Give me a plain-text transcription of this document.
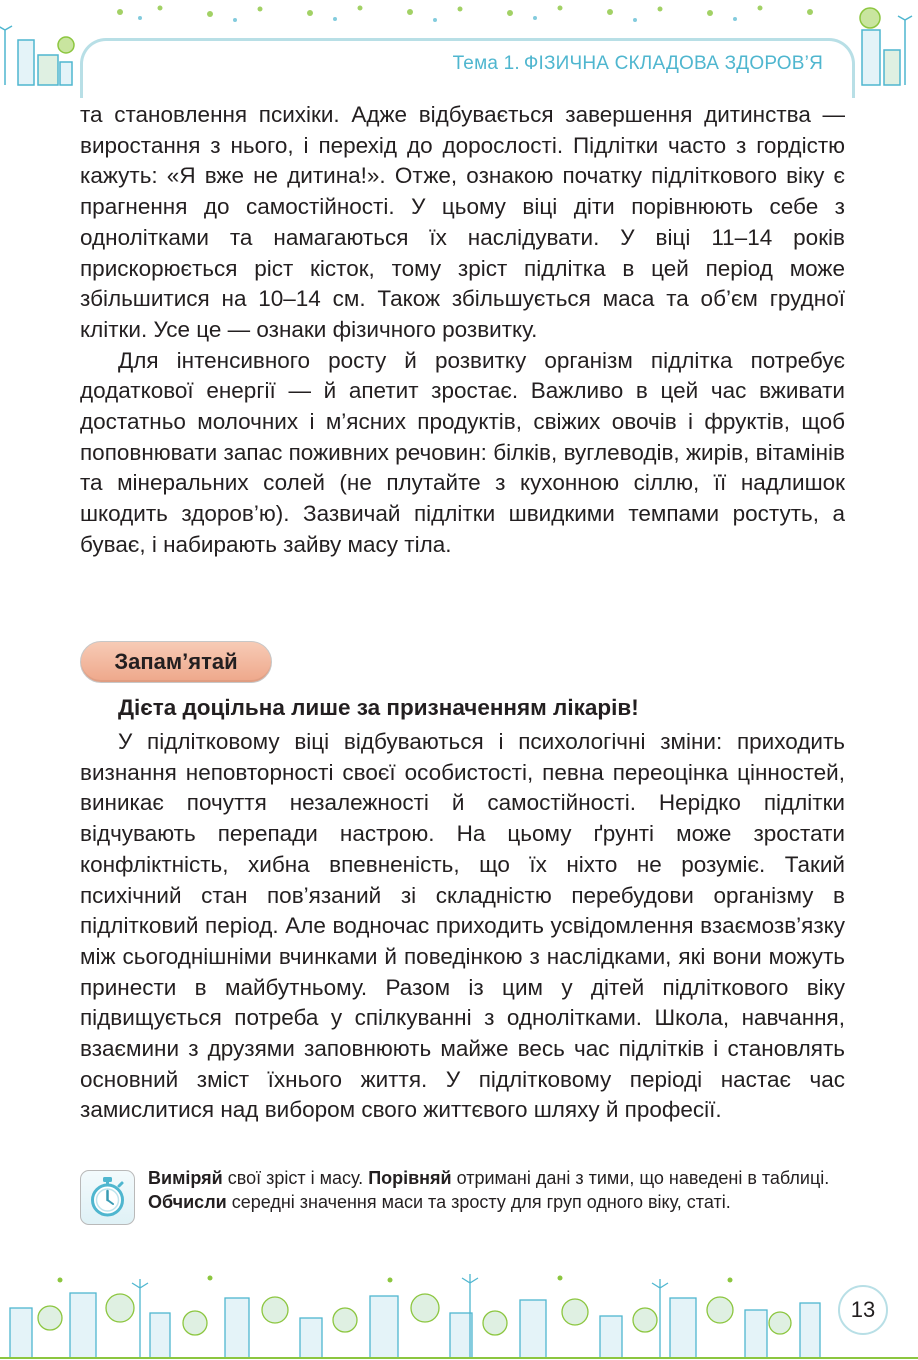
Тема 1. ФІЗИЧНА СКЛАДОВА ЗДОРОВ’Я

та становлення психіки. Адже відбувається завершення дитинства — виростання з нього, і перехід до дорослості. Підлітки часто з гордістю кажуть: «Я вже не дитина!». Отже, ознакою початку підліткового віку є прагнення до самостійності. У цьому віці діти порівнюють себе з однолітками та намагаються їх наслідувати. У віці 11–14 років прискорюється ріст кісток, тому зріст підлітка в цей період може збільшитися на 10–14 см. Також збільшується маса та об’єм грудної клітки. Усе це — ознаки фізичного розвитку.

Для інтенсивного росту й розвитку організм підлітка потребує додаткової енергії — й апетит зростає. Важливо в цей час вживати достатньо молочних і м’ясних продуктів, свіжих овочів і фруктів, щоб поповнювати запас поживних речовин: білків, вуглеводів, жирів, вітамінів та мінеральних солей (не плутайте з кухонною сіллю, її надлишок шкодить здоров’ю). Зазвичай підлітки швидкими темпами ростуть, а буває, і набирають зайву масу тіла.

Запам’ятай
Дієта доцільна лише за призначенням лікарів!

У підлітковому віці відбуваються і психологічні зміни: приходить визнання неповторності своєї особистості, певна переоцінка цінностей, виникає почуття незалежності й самостійності. Нерідко підлітки відчувають перепади настрою. На цьому ґрунті може зростати конфліктність, хибна впевненість, що їх ніхто не розуміє. Такий психічний стан пов’язаний зі складністю перебудови організму в підлітковий період. Але водночас приходить усвідомлення взаємозв’язку між сьогоднішніми вчинками й поведінкою з наслідками, які вони можуть принести в майбутньому. Разом із цим у дітей підліткового віку підвищується потреба у спілкуванні з однолітками. Школа, навчання, взаємини з друзями заповнюють майже весь час підлітків і становлять основний зміст їхнього життя. У підлітковому періоді настає час замислитися над вибором свого життєвого шляху й професії.

Виміряй свої зріст і масу. Порівняй отримані дані з тими, що наведені в таблиці. Обчисли середні значення маси та зросту для груп одного віку, статі.
13
